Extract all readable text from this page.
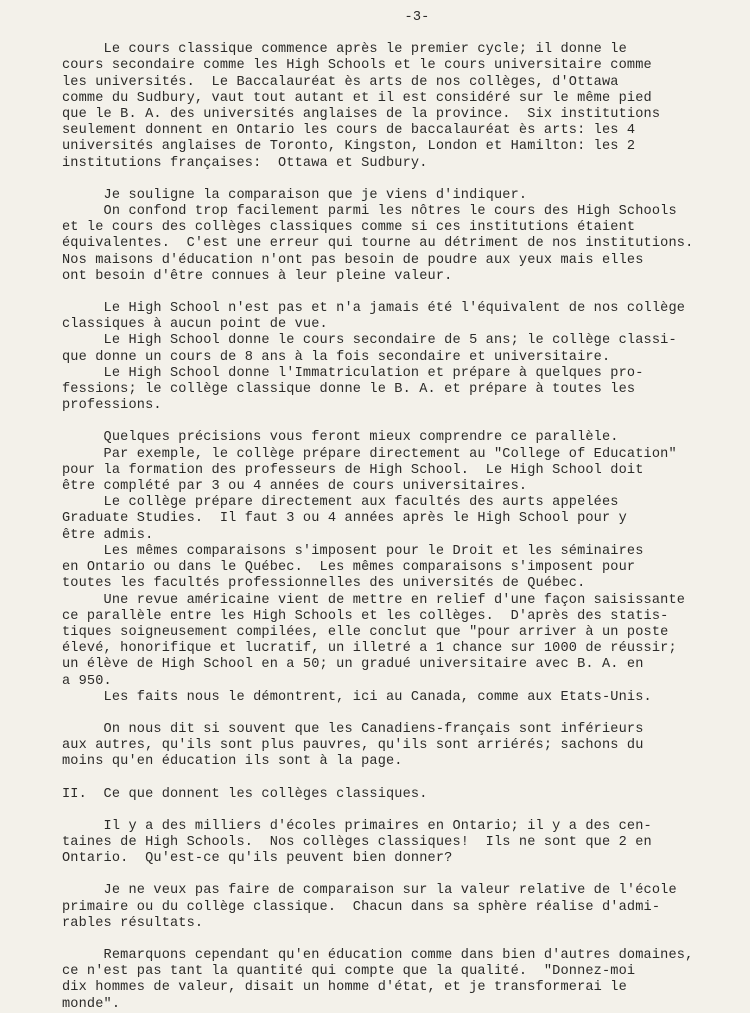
-3-
Le cours classique commence après le premier cycle; il donne le
cours secondaire comme les High Schools et le cours universitaire comme
les universités.  Le Baccalauréat ès arts de nos collèges, d'Ottawa
comme du Sudbury, vaut tout autant et il est considéré sur le même pied
que le B. A. des universités anglaises de la province.  Six institutions
seulement donnent en Ontario les cours de baccalauréat ès arts: les 4
universités anglaises de Toronto, Kingston, London et Hamilton: les 2
institutions françaises:  Ottawa et Sudbury.
Je souligne la comparaison que je viens d'indiquer.
On confond trop facilement parmi les nôtres le cours des High Schools
et le cours des collèges classiques comme si ces institutions étaient
équivalentes.  C'est une erreur qui tourne au détriment de nos institutions.
Nos maisons d'éducation n'ont pas besoin de poudre aux yeux mais elles
ont besoin d'être connues à leur pleine valeur.
Le High School n'est pas et n'a jamais été l'équivalent de nos collège
classiques à aucun point de vue.
Le High School donne le cours secondaire de 5 ans; le collège classi-
que donne un cours de 8 ans à la fois secondaire et universitaire.
Le High School donne l'Immatriculation et prépare à quelques pro-
fessions; le collège classique donne le B. A. et prépare à toutes les
professions.
Quelques précisions vous feront mieux comprendre ce parallèle.
Par exemple, le collège prépare directement au "College of Education"
pour la formation des professeurs de High School.  Le High School doit
être complété par 3 ou 4 années de cours universitaires.
Le collège prépare directement aux facultés des aurts appelées
Graduate Studies.  Il faut 3 ou 4 années après le High School pour y
être admis.
Les mêmes comparaisons s'imposent pour le Droit et les séminaires
en Ontario ou dans le Québec.  Les mêmes comparaisons s'imposent pour
toutes les facultés professionnelles des universités de Québec.
Une revue américaine vient de mettre en relief d'une façon saisissante
ce parallèle entre les High Schools et les collèges.  D'après des statis-
tiques soigneusement compilées, elle conclut que "pour arriver à un poste
élevé, honorifique et lucratif, un illetré a 1 chance sur 1000 de réussir;
un élève de High School en a 50; un gradué universitaire avec B. A. en
a 950.
Les faits nous le démontrent, ici au Canada, comme aux Etats-Unis.
On nous dit si souvent que les Canadiens-français sont inférieurs
aux autres, qu'ils sont plus pauvres, qu'ils sont arriérés; sachons du
moins qu'en éducation ils sont à la page.
II.  Ce que donnent les collèges classiques.
Il y a des milliers d'écoles primaires en Ontario; il y a des cen-
taines de High Schools.  Nos collèges classiques!  Ils ne sont que 2 en
Ontario.  Qu'est-ce qu'ils peuvent bien donner?
Je ne veux pas faire de comparaison sur la valeur relative de l'école
primaire ou du collège classique.  Chacun dans sa sphère réalise d'admi-
rables résultats.
Remarquons cependant qu'en éducation comme dans bien d'autres domaines,
ce n'est pas tant la quantité qui compte que la qualité.  "Donnez-moi
dix hommes de valeur, disait un homme d'état, et je transformerai le
monde".
